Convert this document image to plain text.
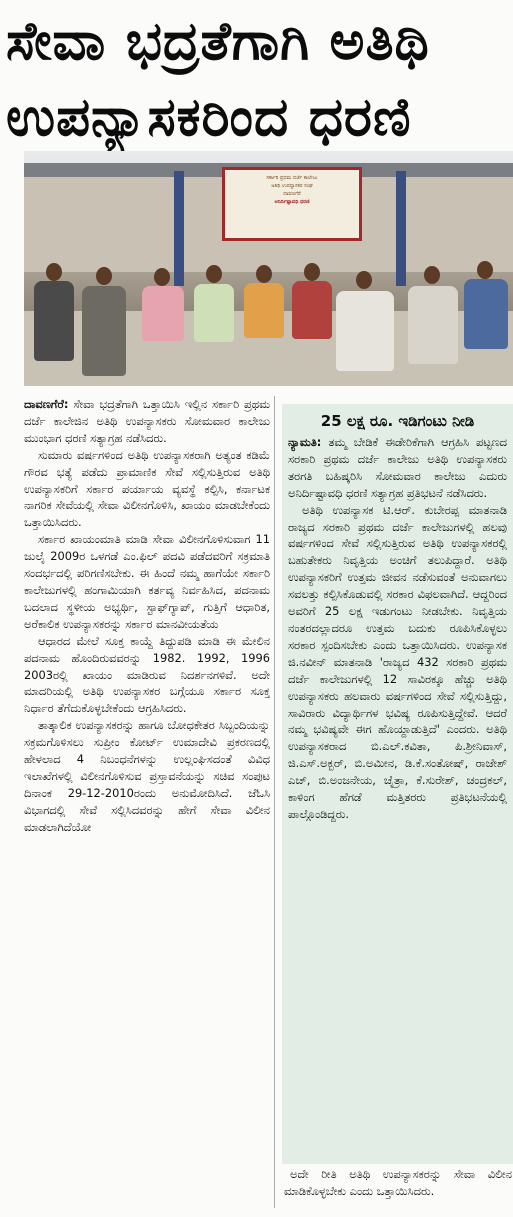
ಸೇವಾ ಭದ್ರತೆಗಾಗಿ ಅತಿಥಿ
ಉಪನ್ಯಾಸಕರಿಂದ ಧರಣಿ
ಸರ್ಕಾರಿ ಪ್ರಥಮ ದರ್ಜೆ ಕಾಲೇಜು
ಅತಿಥಿ ಉಪನ್ಯಾಸಕರ ಸಂಘ
ದಾವಣಗೆರೆ
ಅನಿರ್ದಿಷ್ಟಾವಧಿ ಧರಣಿ

ದಾವಣಗೆರೆ: ಸೇವಾ ಭದ್ರತೆಗಾಗಿ ಒತ್ತಾಯಿಸಿ ಇಲ್ಲಿನ ಸರ್ಕಾರಿ ಪ್ರಥಮ ದರ್ಜೆ ಕಾಲೇಜಿನ ಅತಿಥಿ ಉಪನ್ಯಾಸಕರು ಸೋಮವಾರ ಕಾಲೇಜು ಮುಂಭಾಗ ಧರಣಿ ಸತ್ಯಾಗ್ರಹ ನಡೆಸಿದರು.

ಸುಮಾರು ವರ್ಷಗಳಿಂದ ಅತಿಥಿ ಉಪನ್ಯಾಸಕರಾಗಿ ಅತ್ಯಂತ ಕಡಿಮೆ ಗೌರವ ಭತ್ಯೆ ಪಡೆದು ಪ್ರಾಮಾಣಿಕ ಸೇವೆ ಸಲ್ಲಿಸುತ್ತಿರುವ ಅತಿಥಿ ಉಪನ್ಯಾಸಕರಿಗೆ ಸರ್ಕಾರ ಪರ್ಯಾಯ ವ್ಯವಸ್ಥೆ ಕಲ್ಪಿಸಿ, ಕರ್ನಾಟಕ ನಾಗರಿಕ ಸೇವೆಯಲ್ಲಿ ಸೇವಾ ವಿಲೀನಗೊಳಿಸಿ, ಖಾಯಂ ಮಾಡಬೇಕೆಂದು ಒತ್ತಾಯಿಸಿದರು.

ಸರ್ಕಾರ ಖಾಯಂಮಾತಿ ಮಾಡಿ ಸೇವಾ ವಿಲೀನಗೊಳಿಸುವಾಗ 11 ಜುಲೈ 2009ರ ಒಳಗಡೆ ಎಂ.ಫಿಲ್ ಪದವಿ ಪಡೆದವರಿಗೆ ಸಕ್ರಮಾತಿ ಸಂದರ್ಭದಲ್ಲಿ ಪರಿಗಣಿಸಬೇಕು. ಈ ಹಿಂದೆ ನಮ್ಮ ಹಾಗೆಯೇ ಸರ್ಕಾರಿ ಕಾಲೇಜುಗಳಲ್ಲಿ ಹಂಗಾಮಿಯಾಗಿ ಕರ್ತವ್ಯ ನಿರ್ವಹಿಸಿದ, ಪದನಾಮ ಬದಲಾದ ಸ್ಥಳೀಯ ಅಭ್ಯರ್ಥಿ, ಸ್ಟಾಫ್‌ಗ್ಯಾಪ್, ಗುತ್ತಿಗೆ ಆಧಾರಿತ, ಅರೆಕಾಲಿಕ ಉಪನ್ಯಾಸಕರನ್ನು ಸರ್ಕಾರ ಮಾನವೀಯತೆಯ

ಆಧಾರದ ಮೇಲೆ ಸೂಕ್ತ ಕಾಯ್ದೆ ತಿದ್ದುಪಡಿ ಮಾಡಿ ಈ ಮೇಲಿನ ಪದನಾಮ ಹೊಂದಿರುವವರನ್ನು 1982. 1992, 1996 2003ರಲ್ಲಿ ಖಾಯಂ ಮಾಡಿರುವ ನಿದರ್ಶನಗಳಿವೆ. ಅದೇ ಮಾದರಿಯಲ್ಲಿ ಅತಿಥಿ ಉಪನ್ಯಾಸಕರ ಬಗ್ಗೆಯೂ ಸರ್ಕಾರ ಸೂಕ್ತ ನಿರ್ಧಾರ ತೆಗೆದುಕೊಳ್ಳಬೇಕೆಂದು ಆಗ್ರಹಿಸಿದರು.

ತಾತ್ಕಾಲಿಕ ಉಪನ್ಯಾಸಕರನ್ನು ಹಾಗೂ ಬೋಧಕೇತರ ಸಿಬ್ಬಂದಿಯನ್ನು ಸಕ್ರಮಗೊಳಿಸಲು ಸುಪ್ರೀಂ ಕೋರ್ಟ್ ಉಮಾದೇವಿ ಪ್ರಕರಣದಲ್ಲಿ ಹೇಳಲಾದ 4 ನಿಬಂಧನೆಗಳನ್ನು ಉಲ್ಲಂಘಿಸದಂತೆ ವಿವಿಧ ಇಲಾಖೆಗಳಲ್ಲಿ ವಿಲೀನಗೊಳಿಸುವ ಪ್ರಸ್ತಾವನೆಯನ್ನು ಸಚಿವ ಸಂಪುಟ ದಿನಾಂಕ 29-12-2010ರಂದು ಅನುಮೋದಿಸಿದೆ. ಜೆಓಸಿ ವಿಭಾಗದಲ್ಲಿ ಸೇವೆ ಸಲ್ಲಿಸಿದವರನ್ನು ಹೇಗೆ ಸೇವಾ ವಿಲೀನ ಮಾಡಲಾಗಿದೆಯೋ

25 ಲಕ್ಷ ರೂ. ಇಡಿಗಂಟು ನೀಡಿ

ನ್ಯಾಮತಿ: ತಮ್ಮ ಬೇಡಿಕೆ ಈಡೇರಿಕೆಗಾಗಿ ಆಗ್ರಹಿಸಿ ಪಟ್ಟಣದ ಸರಕಾರಿ ಪ್ರಥಮ ದರ್ಜೆ ಕಾಲೇಜು ಅತಿಥಿ ಉಪನ್ಯಾಸಕರು ತರಗತಿ ಬಹಿಷ್ಕರಿಸಿ ಸೋಮವಾರ ಕಾಲೇಜು ಎದುರು ಅನಿರ್ದಿಷ್ಟಾವಧಿ ಧರಣಿ ಸತ್ಯಾಗ್ರಹ ಪ್ರತಿಭಟನೆ ನಡೆಸಿದರು.

ಅತಿಥಿ ಉಪನ್ಯಾಸಕ ಟಿ.ಆರ್. ಕುಬೇರಪ್ಪ ಮಾತನಾಡಿ ರಾಜ್ಯದ ಸರಕಾರಿ ಪ್ರಥಮ ದರ್ಜೆ ಕಾಲೇಜುಗಳಲ್ಲಿ ಹಲವು ವರ್ಷಗಳಿಂದ ಸೇವೆ ಸಲ್ಲಿಸುತ್ತಿರುವ ಅತಿಥಿ ಉಪನ್ಯಾಸಕರಲ್ಲಿ ಬಹುತೇಕರು ನಿವೃತ್ತಿಯ ಅಂಚಿಗೆ ತಲುಪಿದ್ದಾರೆ. ಅತಿಥಿ ಉಪನ್ಯಾಸಕರಿಗೆ ಉತ್ತಮ ಜೀವನ ನಡೆಸುವಂತೆ ಅನುವಾಗಲು ಸವಲತ್ತು ಕಲ್ಪಿಸಿಕೊಡುವಲ್ಲಿ ಸರಕಾರ ವಿಫಲವಾಗಿದೆ. ಆದ್ದರಿಂದ ಅವರಿಗೆ 25 ಲಕ್ಷ ಇಡುಗಂಟು ನೀಡಬೇಕು. ನಿವೃತ್ತಿಯ ನಂತರದಲ್ಲಾದರೂ ಉತ್ತಮ ಬದುಕು ರೂಪಿಸಿಕೊಳ್ಳಲು ಸರಕಾರ ಸ್ಪಂದಿಸಬೇಕು ಎಂದು ಒತ್ತಾಯಿಸಿದರು. ಉಪನ್ಯಾಸಕ ಜಿ.ನವೀನ್ ಮಾತನಾಡಿ 'ರಾಜ್ಯದ 432 ಸರಕಾರಿ ಪ್ರಥಮ ದರ್ಜೆ ಕಾಲೇಜುಗಳಲ್ಲಿ 12 ಸಾವಿರಕ್ಕೂ ಹೆಚ್ಚು ಅತಿಥಿ ಉಪನ್ಯಾಸಕರು ಹಲವಾರು ವರ್ಷಗಳಿಂದ ಸೇವೆ ಸಲ್ಲಿಸುತ್ತಿದ್ದು, ಸಾವಿರಾರು ವಿದ್ಯಾರ್ಥಿಗಳ ಭವಿಷ್ಯ ರೂಪಿಸುತ್ತಿದ್ದೇವೆ. ಆದರೆ ನಮ್ಮ ಭವಿಷ್ಯವೇ ಈಗ ಹೊಯ್ದಾಡುತ್ತಿದೆ' ಎಂದರು. ಅತಿಥಿ ಉಪನ್ಯಾಸಕರಾದ ಬಿ.ಎಲ್.ಕವಿತಾ, ಪಿ.ಶ್ರೀನಿವಾಸ್, ಜಿ.ಎಸ್.ಅಕ್ಬರ್, ಬಿ.ಅಮೀನ, ಡಿ.ಕೆ.ಸಂತೋಷ್, ರಾಜೇಶ್ ಎಚ್, ಬಿ.ಅಂಜನೇಯ, ಚೈತ್ರಾ, ಕೆ.ಸುರೇಶ್, ಚಂದ್ರಕಲ್, ಕಾಳಿಂಗ ಹೆಗಡೆ ಮತ್ತಿತರರು ಪ್ರತಿಭಟನೆಯಲ್ಲಿ ಪಾಲ್ಗೊಂಡಿದ್ದರು.

ಅದೇ ರೀತಿ ಅತಿಥಿ ಉಪನ್ಯಾಸಕರನ್ನು ಸೇವಾ ವಿಲೀನ ಮಾಡಿಕೊಳ್ಳಬೇಕು ಎಂದು ಒತ್ತಾಯಿಸಿದರು.
